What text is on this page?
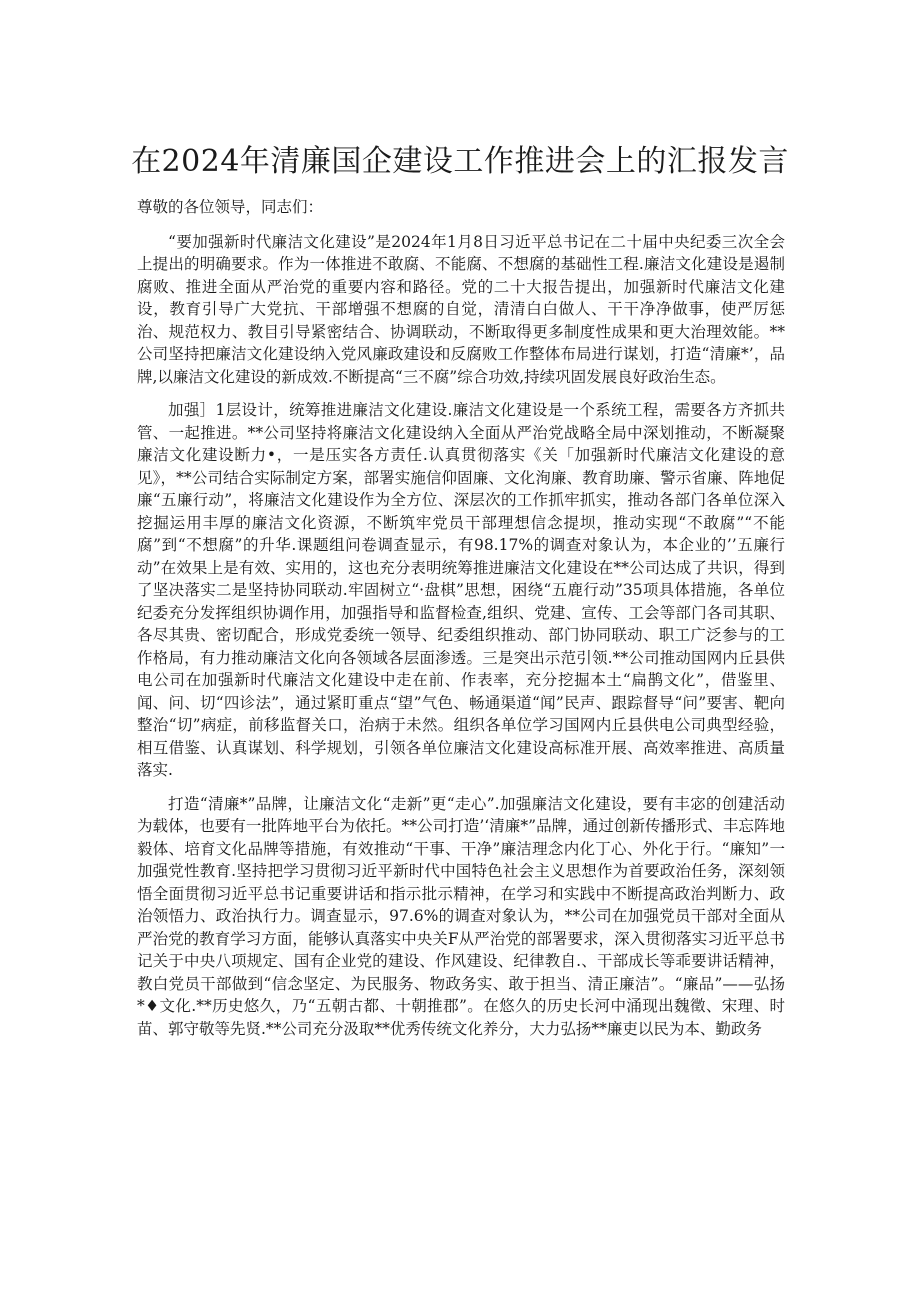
在2024年清廉国企建设工作推进会上的汇报发言

尊敬的各位领导，同志们：

“要加强新时代廉洁文化建设”是2024年1月8日习近平总书记在二十届中央纪委三次全会上提出的明确要求。作为一体推进不敢腐、不能腐、不想腐的基础性工程.廉洁文化建设是遏制腐败、推进全面从严治党的重要内容和路径。党的二十大报告提出，加强新时代廉洁文化建设，教育引导广大党抗、干部增强不想腐的自觉，清清白白做人、干干净净做事，使严厉惩治、规范权力、教目引导紧密结合、协调联动，不断取得更多制度性成果和更大治理效能。**公司坚持把廉洁文化建设纳入党风廉政建设和反腐败工作整体布局进行谋划，打造“清廉*’，品牌,以廉洁文化建设的新成效.不断提高“三不腐”综合功效,持续巩固发展良好政治生态。

加强］1层设计，统筹推进廉洁文化建设.廉洁文化建设是一个系统工程，需要各方齐抓共管、一起推进。**公司坚持将廉洁文化建设纳入全面从严治党战略全局中深划推动，不断凝聚廉洁文化建设断力•，一是压实各方责任.认真贯彻落实《关「加强新时代廉洁文化建设的意见》，**公司结合实际制定方案，部署实施信仰固廉、文化洵廉、教育助廉、警示省廉、阵地促廉“五廉行动”，将廉洁文化建设作为全方位、深层次的工作抓牢抓实，推动各部门各单位深入挖掘运用丰厚的廉洁文化资源，不断筑牢党员干部理想信念提坝，推动实现“不敢腐”“不能腐”到“不想腐”的升华.课题组问卷调查显示，有98.17%的调查对象认为，本企业的’’五廉行动”在效果上是有效、实用的，这也充分表明统筹推进廉洁文化建设在**公司达成了共识，得到了坚决落实二是坚持协同联动.牢固树立“·盘棋”思想，困绕“五鹿行动”35项具体措施，各单位纪委充分发挥组织协调作用，加强指导和监督检查,组织、党建、宣传、工会等部门各司其职、各尽其贵、密切配合，形成党委统一领导、纪委组织推动、部门协同联动、职工广泛参与的工作格局，有力推动廉洁文化向各领域各层面渗透。三是突出示范引领.**公司推动国网内丘县供电公司在加强新时代廉洁文化建设中走在前、作表率，充分挖掘本土“扁鹊文化”，借鉴里、闻、问、切“四诊法”，通过紧盯重点“望”气色、畅通渠道“闻”民声、跟踪督导“问”要害、靶向整治“切”病症，前移监督关口，治病于未然。组织各单位学习国网内丘县供电公司典型经验，相互借鉴、认真谋划、科学规划，引领各单位廉洁文化建设高标准开展、高效率推进、高质量落实.

打造“清廉*”品牌，让廉洁文化“走新”更“走心”.加强廉洁文化建设，要有丰宓的创建活动为载体，也要有一批阵地平台为依托。**公司打造’‘清廉*”品牌，通过创新传播形式、丰忘阵地毅体、培育文化品牌等措施，有效推动“干事、干净”廉洁理念内化丁心、外化于行。“廉知”一加强党性教育.坚持把学习贯彻习近平新时代中国特色社会主义思想作为首要政治任务，深刻领悟全面贯彻习近平总书记重要讲话和指示批示精神，在学习和实践中不断提高政治判断力、政治领悟力、政治执行力。调查显示，97.6%的调查对象认为，**公司在加强党员干部对全面从严治党的教育学习方面，能够认真落实中央关F从严治党的部署要求，深入贯彻落实习近平总书记关于中央八项规定、国有企业党的建设、作风建设、纪律教自.、干部成长等乖要讲话精神，教白党员干部做到“信念坚定、为民服务、物政务实、敢于担当、清正廉洁”。“廉品”——弘扬*♦文化.**历史悠久，乃“五朝古都、十朝推郡”。在悠久的历史长河中涌现出魏徵、宋理、时苗、郭守敬等先贤.**公司充分汲取**优秀传统文化养分，大力弘扬**廉吏以民为本、勤政务
